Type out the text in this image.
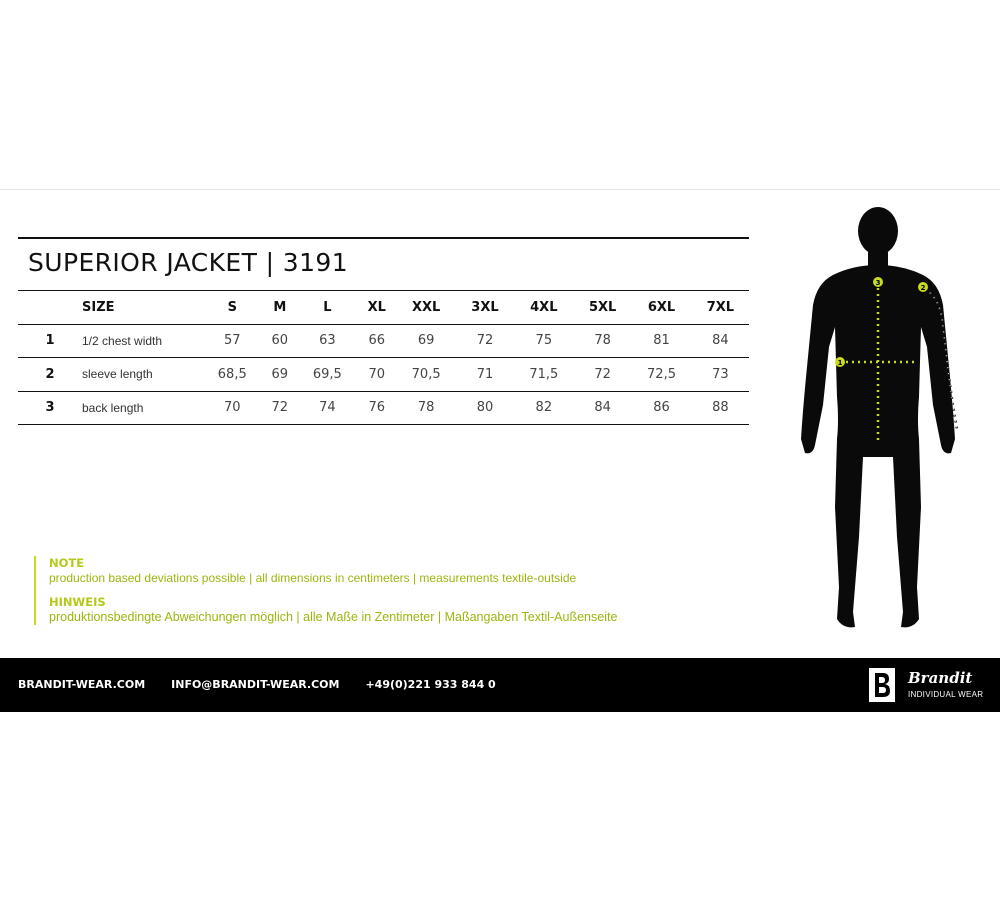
SUPERIOR JACKET | 3191
	SIZE	S	M	L	XL	XXL	3XL	4XL	5XL	6XL	7XL
1	1/2 chest width	57	60	63	66	69	72	75	78	81	84
2	sleeve length	68,5	69	69,5	70	70,5	71	71,5	72	72,5	73
3	back length	70	72	74	76	78	80	82	84	86	88
NOTE
production based deviations possible | all dimensions in centimeters | measurements textile-outside
HINWEIS
produktionsbedingte Abweichungen möglich | alle Maße in Zentimeter | Maßangaben Textil-Außenseite
1
2
3
BRANDIT-WEAR.COM INFO@BRANDIT-WEAR.COM +49(0)221 933 844 0	Brandit
INDIVIDUAL WEAR
